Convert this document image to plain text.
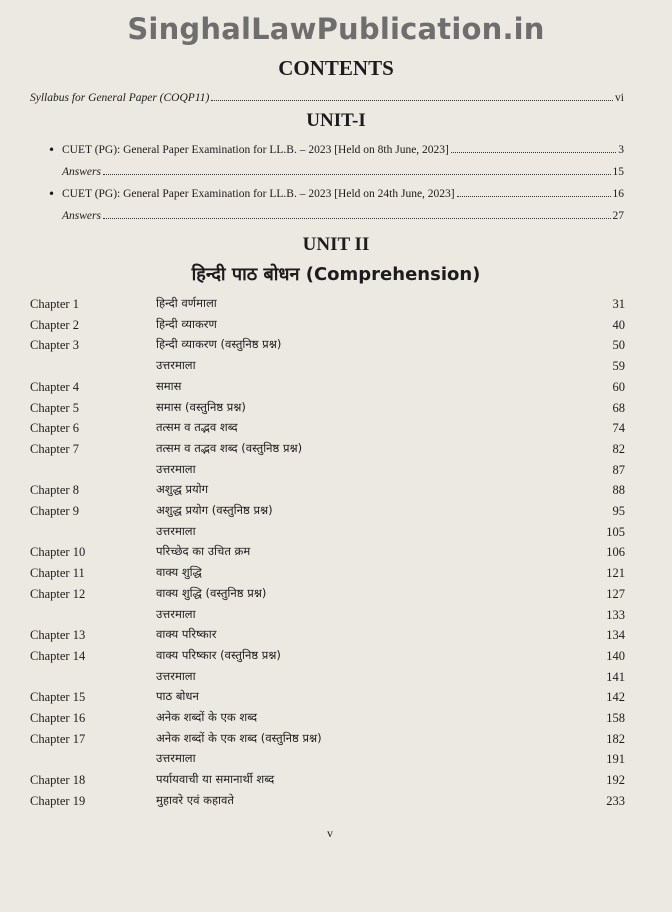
SinghalLawPublication.in
CONTENTS
Syllabus for General Paper (COQP11)	vi
UNIT-I
• CUET (PG): General Paper Examination for LL.B. – 2023 [Held on 8th June, 2023]	3
Answers	15
• CUET (PG): General Paper Examination for LL.B. – 2023 [Held on 24th June, 2023]	16
Answers	27
UNIT II
हिन्दी पाठ बोधन (Comprehension)
Chapter 1	हिन्दी वर्णमाला	31
Chapter 2	हिन्दी व्याकरण	40
Chapter 3	हिन्दी व्याकरण (वस्तुनिष्ठ प्रश्न)	50
उत्तरमाला	59
Chapter 4	समास	60
Chapter 5	समास (वस्तुनिष्ठ प्रश्न)	68
Chapter 6	तत्सम व तद्भव शब्द	74
Chapter 7	तत्सम व तद्भव शब्द (वस्तुनिष्ठ प्रश्न)	82
उत्तरमाला	87
Chapter 8	अशुद्ध प्रयोग	88
Chapter 9	अशुद्ध प्रयोग (वस्तुनिष्ठ प्रश्न)	95
उत्तरमाला	105
Chapter 10	परिच्छेद का उचित क्रम	106
Chapter 11	वाक्य शुद्धि	121
Chapter 12	वाक्य शुद्धि (वस्तुनिष्ठ प्रश्न)	127
उत्तरमाला	133
Chapter 13	वाक्य परिष्कार	134
Chapter 14	वाक्य परिष्कार (वस्तुनिष्ठ प्रश्न)	140
उत्तरमाला	141
Chapter 15	पाठ बोधन	142
Chapter 16	अनेक शब्दों के एक शब्द	158
Chapter 17	अनेक शब्दों के एक शब्द (वस्तुनिष्ठ प्रश्न)	182
उत्तरमाला	191
Chapter 18	पर्यायवाची या समानार्थी शब्द	192
Chapter 19	मुहावरे एवं कहावते	233
v
